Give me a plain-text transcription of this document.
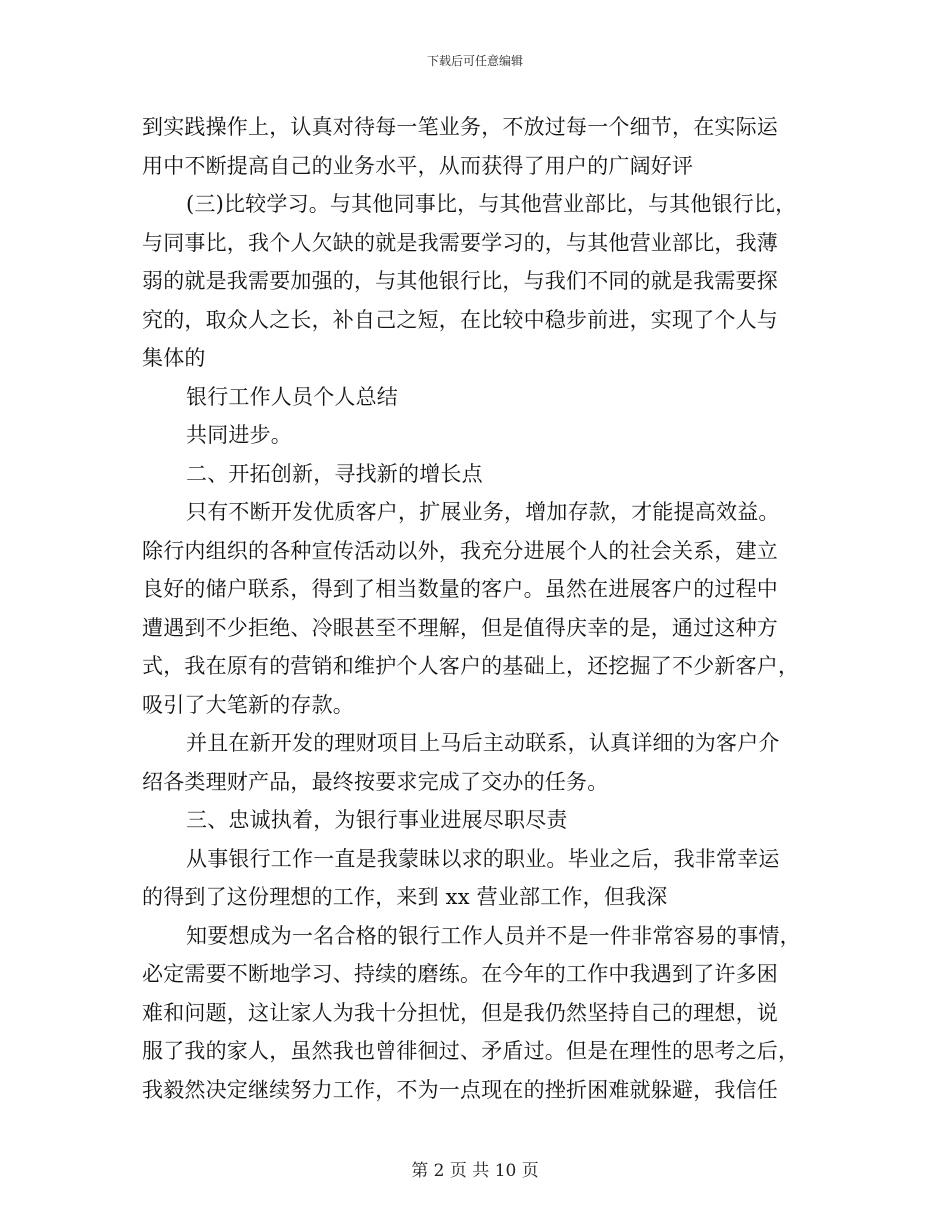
下载后可任意编辑
到实践操作上，认真对待每一笔业务，不放过每一个细节，在实际运
用中不断提高自己的业务水平，从而获得了用户的广阔好评
(三)比较学习。与其他同事比，与其他营业部比，与其他银行比，
与同事比，我个人欠缺的就是我需要学习的，与其他营业部比，我薄
弱的就是我需要加强的，与其他银行比，与我们不同的就是我需要探
究的，取众人之长，补自己之短，在比较中稳步前进，实现了个人与
集体的
银行工作人员个人总结
共同进步。
二、开拓创新，寻找新的增长点
只有不断开发优质客户，扩展业务，增加存款，才能提高效益。
除行内组织的各种宣传活动以外，我充分进展个人的社会关系，建立
良好的储户联系，得到了相当数量的客户。虽然在进展客户的过程中
遭遇到不少拒绝、冷眼甚至不理解，但是值得庆幸的是，通过这种方
式，我在原有的营销和维护个人客户的基础上，还挖掘了不少新客户，
吸引了大笔新的存款。
并且在新开发的理财项目上马后主动联系，认真详细的为客户介
绍各类理财产品，最终按要求完成了交办的任务。
三、忠诚执着，为银行事业进展尽职尽责
从事银行工作一直是我蒙昧以求的职业。毕业之后，我非常幸运
的得到了这份理想的工作，来到 xx 营业部工作，但我深
知要想成为一名合格的银行工作人员并不是一件非常容易的事情，
必定需要不断地学习、持续的磨练。在今年的工作中我遇到了许多困
难和问题，这让家人为我十分担忧，但是我仍然坚持自己的理想，说
服了我的家人，虽然我也曾徘徊过、矛盾过。但是在理性的思考之后，
我毅然决定继续努力工作，不为一点现在的挫折困难就躲避，我信任
第 2 页 共 10 页
